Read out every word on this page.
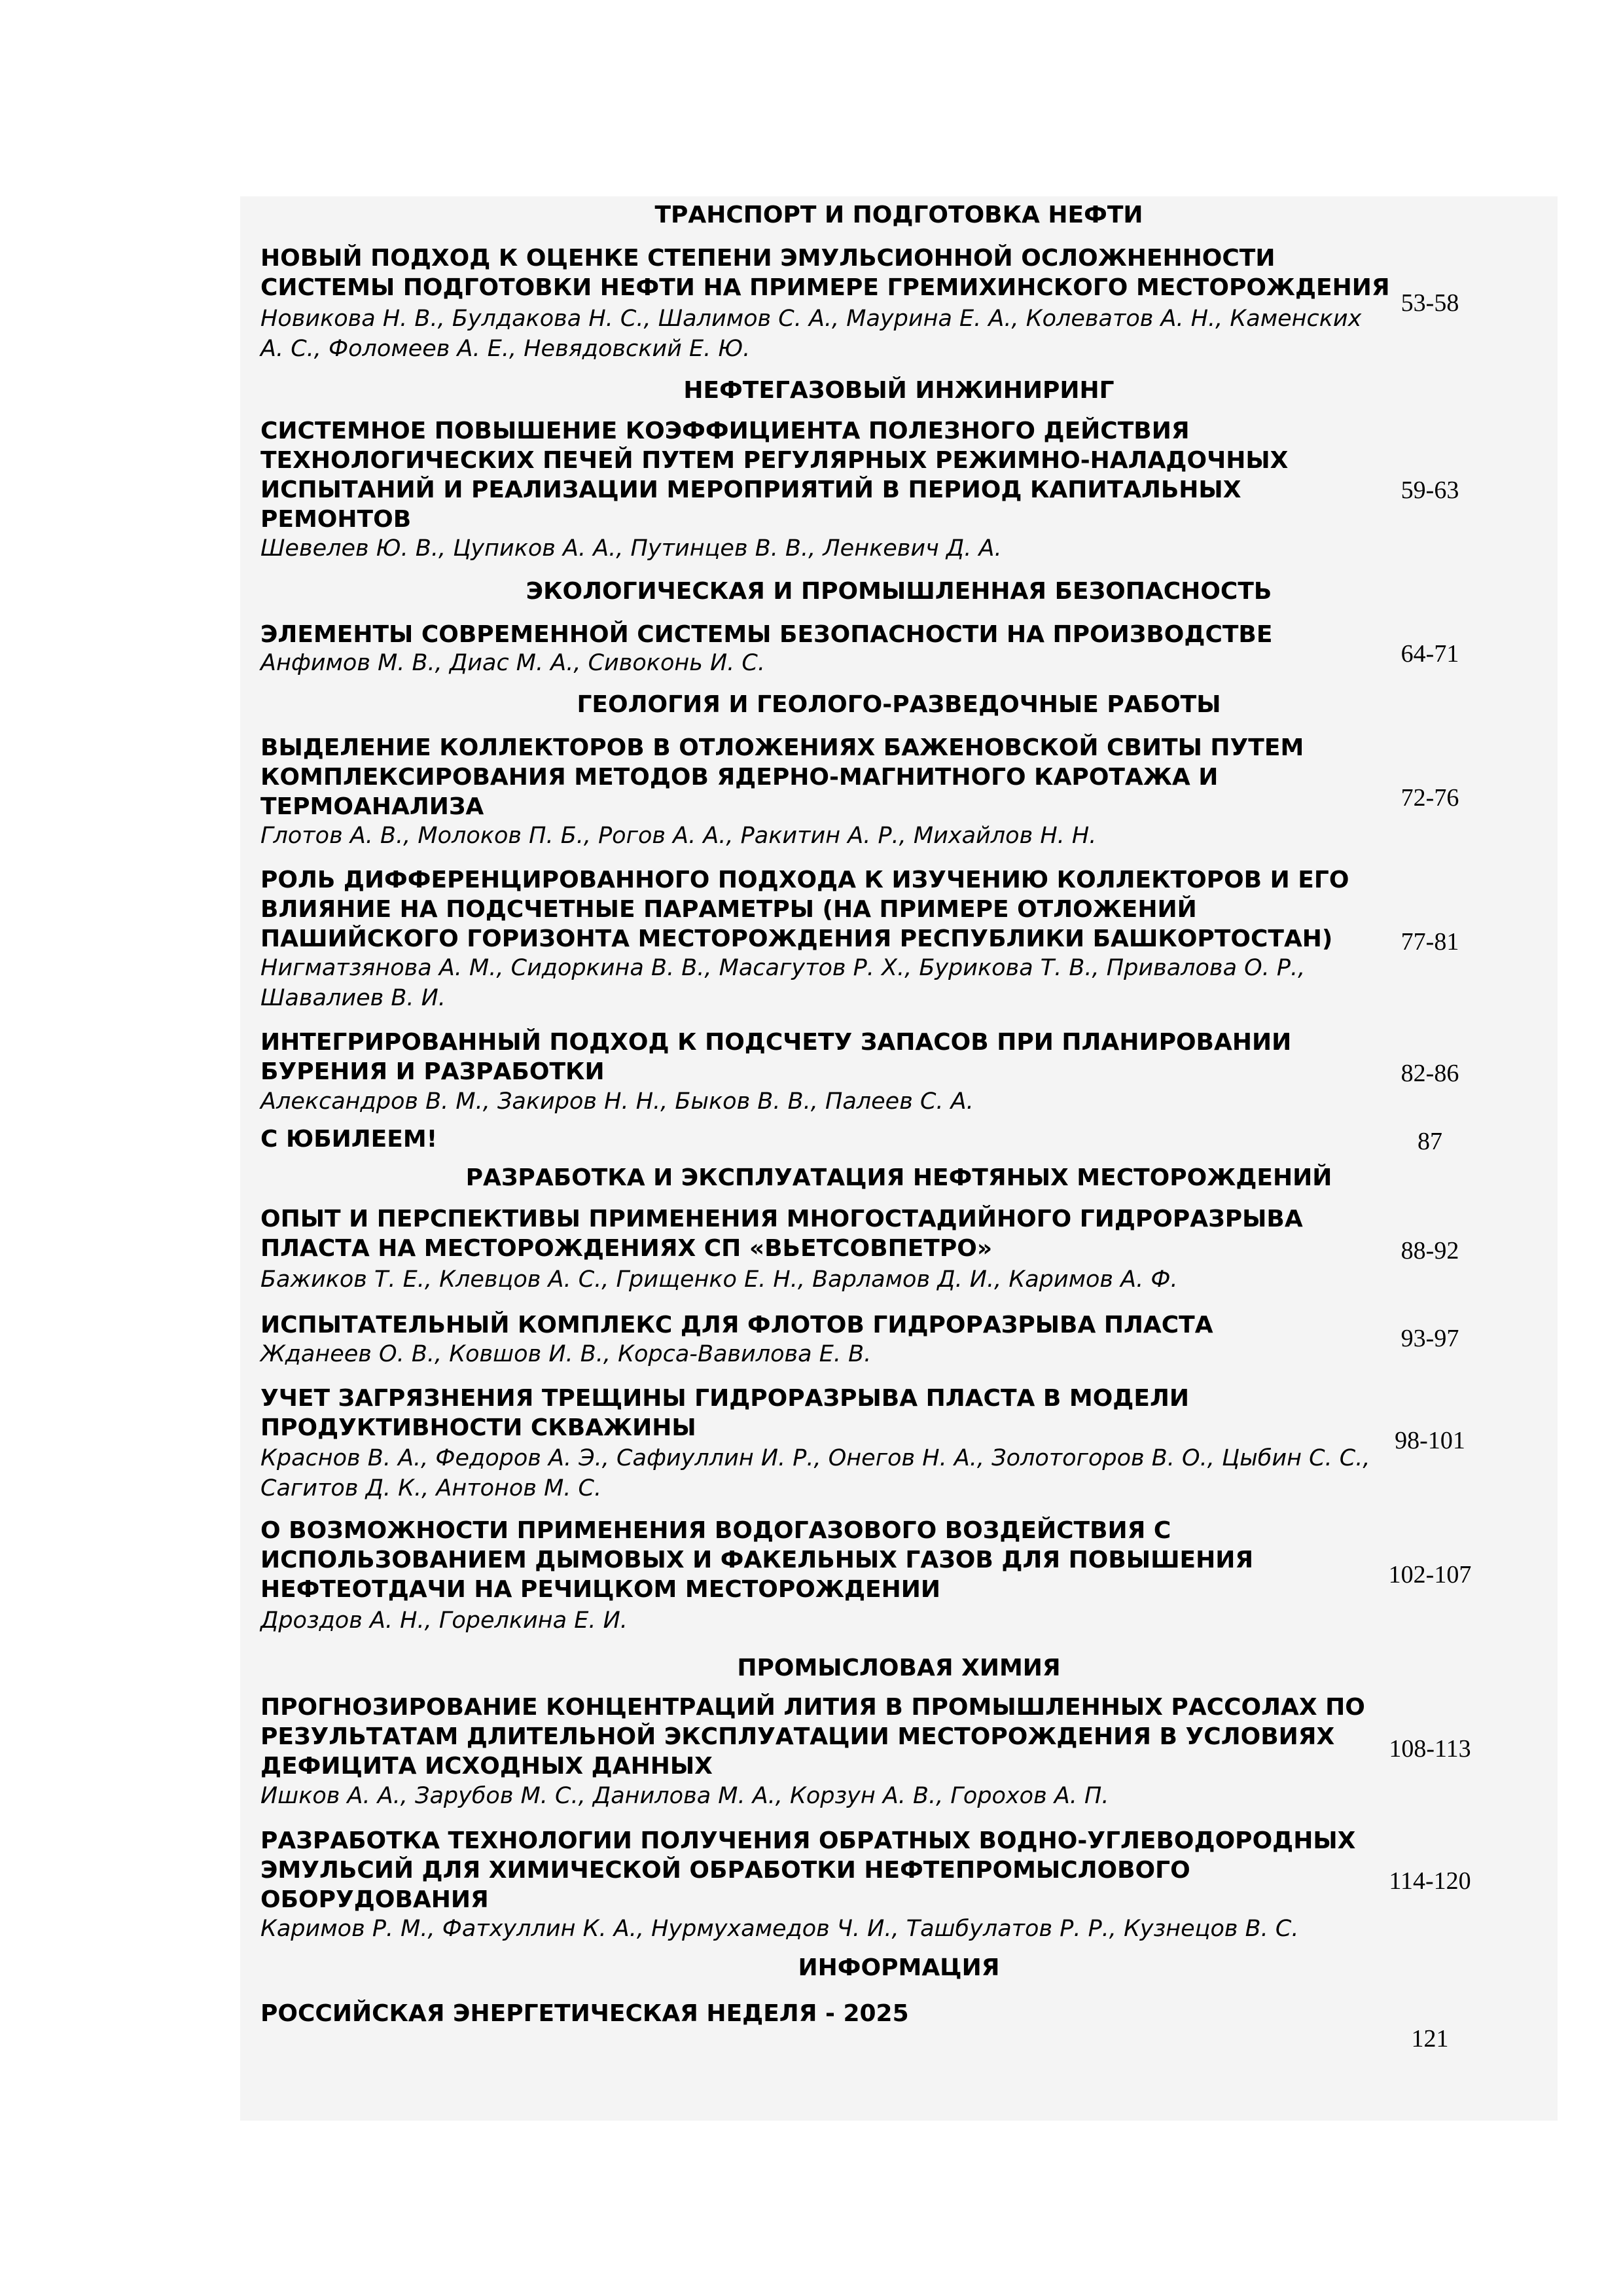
ТРАНСПОРТ И ПОДГОТОВКА НЕФТИ
НЕФТЕГАЗОВЫЙ ИНЖИНИРИНГ
ЭКОЛОГИЧЕСКАЯ И ПРОМЫШЛЕННАЯ БЕЗОПАСНОСТЬ
ГЕОЛОГИЯ И ГЕОЛОГО-РАЗВЕДОЧНЫЕ РАБОТЫ
РАЗРАБОТКА И ЭКСПЛУАТАЦИЯ НЕФТЯНЫХ МЕСТОРОЖДЕНИЙ
ПРОМЫСЛОВАЯ ХИМИЯ
ИНФОРМАЦИЯ
НОВЫЙ ПОДХОД К ОЦЕНКЕ СТЕПЕНИ ЭМУЛЬСИОННОЙ ОСЛОЖНЕННОСТИ
СИСТЕМЫ ПОДГОТОВКИ НЕФТИ НА ПРИМЕРЕ ГРЕМИХИНСКОГО МЕСТОРОЖДЕНИЯ
Новикова Н. В., Булдакова Н. С., Шалимов С. А., Маурина Е. А., Колеватов А. Н., Каменских
А. С., Фоломеев А. Е., Невядовский Е. Ю.
53-58
СИСТЕМНОЕ ПОВЫШЕНИЕ КОЭФФИЦИЕНТА ПОЛЕЗНОГО ДЕЙСТВИЯ
ТЕХНОЛОГИЧЕСКИХ ПЕЧЕЙ ПУТЕМ РЕГУЛЯРНЫХ РЕЖИМНО-НАЛАДОЧНЫХ
ИСПЫТАНИЙ И РЕАЛИЗАЦИИ МЕРОПРИЯТИЙ В ПЕРИОД КАПИТАЛЬНЫХ
РЕМОНТОВ
Шевелев Ю. В., Цупиков А. А., Путинцев В. В., Ленкевич Д. А.
59-63
ЭЛЕМЕНТЫ СОВРЕМЕННОЙ СИСТЕМЫ БЕЗОПАСНОСТИ НА ПРОИЗВОДСТВЕ
Анфимов М. В., Диас М. А., Сивоконь И. С.	64-71
ВЫДЕЛЕНИЕ КОЛЛЕКТОРОВ В ОТЛОЖЕНИЯХ БАЖЕНОВСКОЙ СВИТЫ ПУТЕМ
КОМПЛЕКСИРОВАНИЯ МЕТОДОВ ЯДЕРНО-МАГНИТНОГО КАРОТАЖА И
ТЕРМОАНАЛИЗА
Глотов А. В., Молоков П. Б., Рогов А. А., Ракитин А. Р., Михайлов Н. Н.
72-76
РОЛЬ ДИФФЕРЕНЦИРОВАННОГО ПОДХОДА К ИЗУЧЕНИЮ КОЛЛЕКТОРОВ И ЕГО
ВЛИЯНИЕ НА ПОДСЧЕТНЫЕ ПАРАМЕТРЫ (НА ПРИМЕРЕ ОТЛОЖЕНИЙ
ПАШИЙСКОГО ГОРИЗОНТА МЕСТОРОЖДЕНИЯ РЕСПУБЛИКИ БАШКОРТОСТАН)
Нигматзянова А. М., Сидоркина В. В., Масагутов Р. Х., Бурикова Т. В., Привалова О. Р.,
Шавалиев В. И.
77-81
ИНТЕГРИРОВАННЫЙ ПОДХОД К ПОДСЧЕТУ ЗАПАСОВ ПРИ ПЛАНИРОВАНИИ
БУРЕНИЯ И РАЗРАБОТКИ
Александров В. М., Закиров Н. Н., Быков В. В., Палеев С. А.
82-86
С ЮБИЛЕЕМ!	87
ОПЫТ И ПЕРСПЕКТИВЫ ПРИМЕНЕНИЯ МНОГОСТАДИЙНОГО ГИДРОРАЗРЫВА
ПЛАСТА НА МЕСТОРОЖДЕНИЯХ СП «ВЬЕТСОВПЕТРО»
Бажиков Т. Е., Клевцов А. С., Грищенко Е. Н., Варламов Д. И., Каримов А. Ф.
88-92
ИСПЫТАТЕЛЬНЫЙ КОМПЛЕКС ДЛЯ ФЛОТОВ ГИДРОРАЗРЫВА ПЛАСТА
Жданеев О. В., Ковшов И. В., Корса-Вавилова Е. В.
93-97
УЧЕТ ЗАГРЯЗНЕНИЯ ТРЕЩИНЫ ГИДРОРАЗРЫВА ПЛАСТА В МОДЕЛИ
ПРОДУКТИВНОСТИ СКВАЖИНЫ
Краснов В. А., Федоров А. Э., Сафиуллин И. Р., Онегов Н. А., Золотогоров В. О., Цыбин С. С.,
Сагитов Д. К., Антонов М. С.
98-101
О ВОЗМОЖНОСТИ ПРИМЕНЕНИЯ ВОДОГАЗОВОГО ВОЗДЕЙСТВИЯ С
ИСПОЛЬЗОВАНИЕМ ДЫМОВЫХ И ФАКЕЛЬНЫХ ГАЗОВ ДЛЯ ПОВЫШЕНИЯ
НЕФТЕОТДАЧИ НА РЕЧИЦКОМ МЕСТОРОЖДЕНИИ
Дроздов А. Н., Горелкина Е. И.
102-107
ПРОГНОЗИРОВАНИЕ КОНЦЕНТРАЦИЙ ЛИТИЯ В ПРОМЫШЛЕННЫХ РАССОЛАХ ПО
РЕЗУЛЬТАТАМ ДЛИТЕЛЬНОЙ ЭКСПЛУАТАЦИИ МЕСТОРОЖДЕНИЯ В УСЛОВИЯХ
ДЕФИЦИТА ИСХОДНЫХ ДАННЫХ
Ишков А. А., Зарубов М. С., Данилова М. А., Корзун А. В., Горохов А. П.
108-113
РАЗРАБОТКА ТЕХНОЛОГИИ ПОЛУЧЕНИЯ ОБРАТНЫХ ВОДНО-УГЛЕВОДОРОДНЫХ
ЭМУЛЬСИЙ ДЛЯ ХИМИЧЕСКОЙ ОБРАБОТКИ НЕФТЕПРОМЫСЛОВОГО
ОБОРУДОВАНИЯ
Каримов Р. М., Фатхуллин К. А., Нурмухамедов Ч. И., Ташбулатов Р. Р., Кузнецов В. С.
114-120
РОССИЙСКАЯ ЭНЕРГЕТИЧЕСКАЯ НЕДЕЛЯ - 2025
121
